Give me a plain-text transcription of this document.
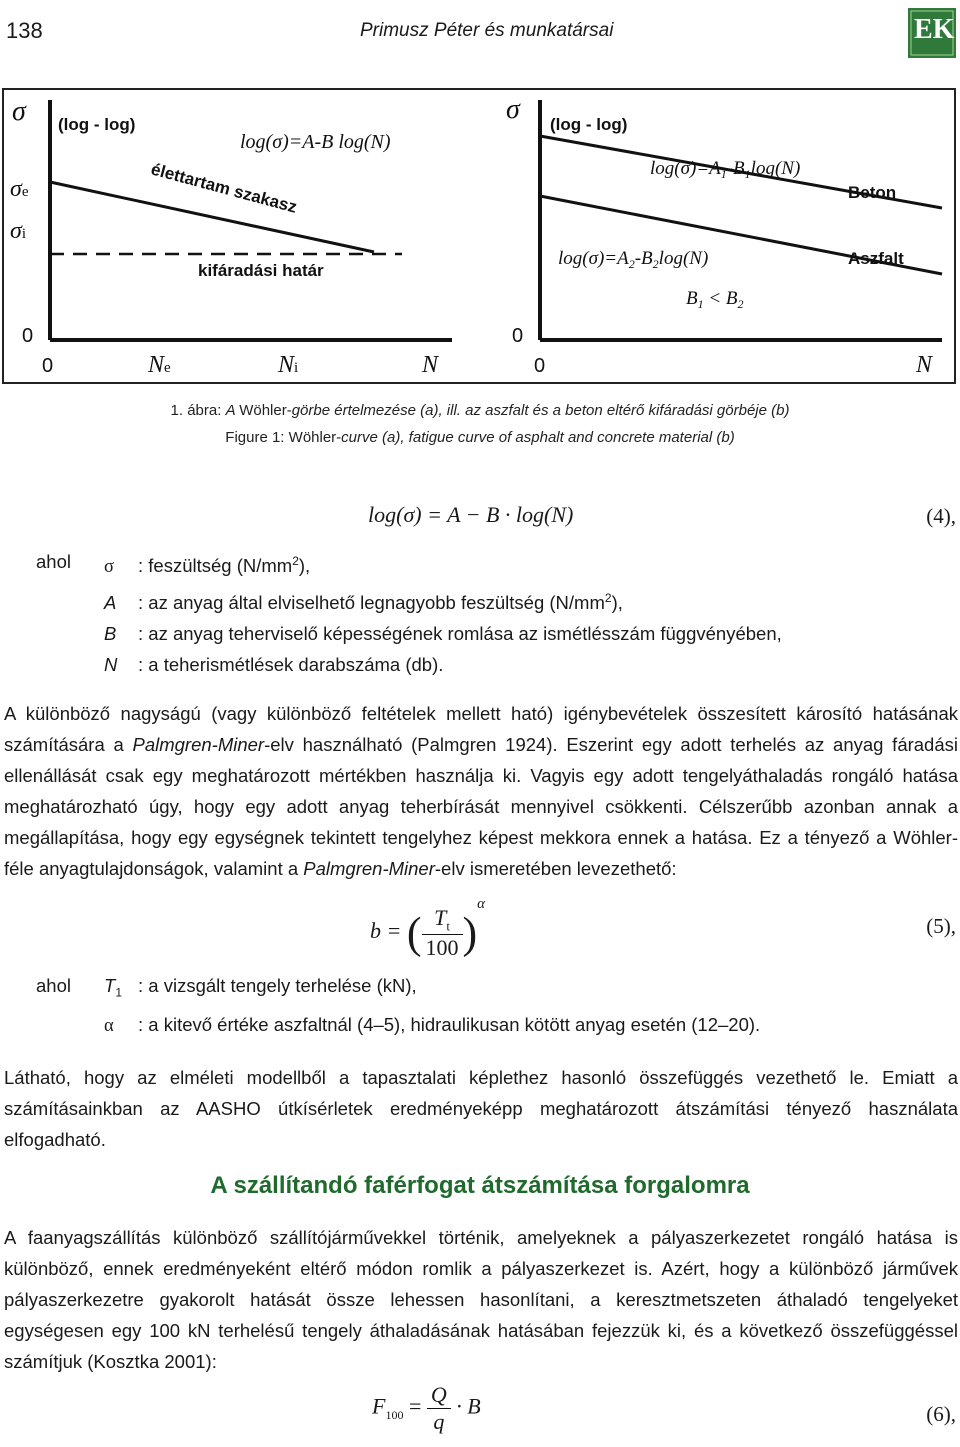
138	Primusz Péter és munkatársai	EK
σ (log - log)
log(σ)=A-B log(N)
élettartam szakasz
kifáradási határ
σe
σi
0
0	Ne	Ni	N
σ (log - log)
$\log(\sigma)=A_1-B_1\log(N)$
Beton
$\log(\sigma)=A_2-B_2\log(N)$	Aszfalt
$B_1 < B_2$
0
0	N
1. ábra: A Wöhler-görbe értelmezése (a), ill. az aszfalt és a beton eltérő kifáradási görbéje (b)
Figure 1: Wöhler-curve (a), fatigue curve of asphalt and concrete material (b)
log(σ) = A − B · log(N)	(4),
ahol σ : feszültség $(N/mm^2)$,
A : az anyag által elviselhető legnagyobb feszültség $(N/mm^2)$,
B : az anyag teherviselő képességének romlása az ismétlésszám függvényében,
N : a teherismétlések darabszáma (db).
A különböző nagyságú (vagy különböző feltételek mellett ható) igénybevételek összesített károsító hatásának számítására a Palmgren-Miner-elv használható (Palmgren 1924). Eszerint egy adott terhelés az anyag fáradási ellenállását csak egy meghatározott mértékben használja ki. Vagyis egy adott tengelyáthaladás rongáló hatása meghatározható úgy, hogy egy adott anyag teherbírását mennyivel csökkenti. Célszerűbb azonban annak a megállapítása, hogy egy egységnek tekintett tengelyhez képest mekkora ennek a hatása. Ez a tényező a Wöhler-féle anyagtulajdonságok, valamint a Palmgren-Miner-elv ismeretében levezethető:
b = ( $\frac{T_t}{100} )^\alpha$
(5),
ahol $T_1$ : a vizsgált tengely terhelése (kN),
α : a kitevő értéke aszfaltnál (4–5), hidraulikusan kötött anyag esetén (12–20).
Látható, hogy az elméleti modellből a tapasztalati képlethez hasonló összefüggés vezethető le. Emiatt a számításainkban az AASHO útkísérletek eredményeképp meghatározott átszámítási tényező használata elfogadható.
A szállítandó faférfogat átszámítása forgalomra
A faanyagszállítás különböző szállítójárművekkel történik, amelyeknek a pályaszerkezetet rongáló hatása is különböző, ennek eredményeként eltérő módon romlik a pályaszerkezet is. Azért, hogy a különböző járművek pályaszerkezetre gyakorolt hatását össze lehessen hasonlítani, a keresztmetszeten áthaladó tengelyeket egységesen egy 100 kN terhelésű tengely áthaladásának hatásában fejezzük ki, és a következő összefüggéssel számítjuk (Kosztka 2001):
$F_{100} = \frac{Q}{q} \cdot B$	(6),
